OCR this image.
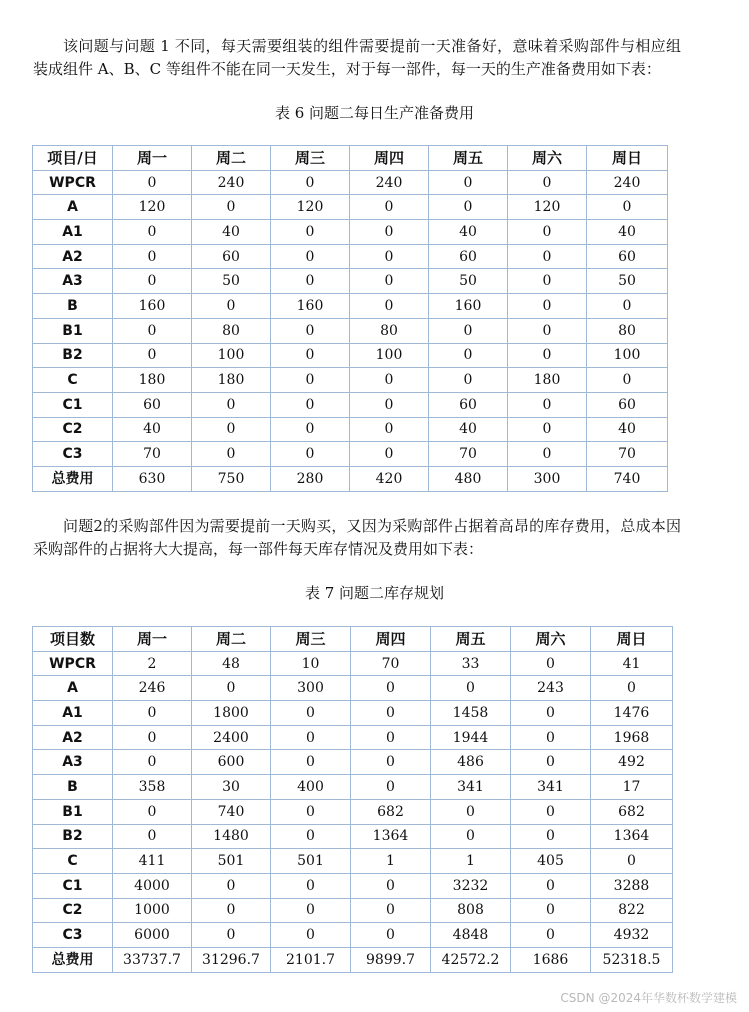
该问题与问题 1 不同，每天需要组装的组件需要提前一天准备好，意味着采购部件与相应组装成组件 A、B、C 等组件不能在同一天发生，对于每一部件，每一天的生产准备费用如下表：

表 6 问题二每日生产准备费用

项目/日	周一	周二	周三	周四	周五	周六	周日
WPCR	0	240	0	240	0	0	240
A	120	0	120	0	0	120	0
A1	0	40	0	0	40	0	40
A2	0	60	0	0	60	0	60
A3	0	50	0	0	50	0	50
B	160	0	160	0	160	0	0
B1	0	80	0	80	0	0	80
B2	0	100	0	100	0	0	100
C	180	180	0	0	0	180	0
C1	60	0	0	0	60	0	60
C2	40	0	0	0	40	0	40
C3	70	0	0	0	70	0	70
总费用	630	750	280	420	480	300	740

问题2的采购部件因为需要提前一天购买，又因为采购部件占据着高昂的库存费用，总成本因采购部件的占据将大大提高，每一部件每天库存情况及费用如下表：

表 7 问题二库存规划

项目数	周一	周二	周三	周四	周五	周六	周日
WPCR	2	48	10	70	33	0	41
A	246	0	300	0	0	243	0
A1	0	1800	0	0	1458	0	1476
A2	0	2400	0	0	1944	0	1968
A3	0	600	0	0	486	0	492
B	358	30	400	0	341	341	17
B1	0	740	0	682	0	0	682
B2	0	1480	0	1364	0	0	1364
C	411	501	501	1	1	405	0
C1	4000	0	0	0	3232	0	3288
C2	1000	0	0	0	808	0	822
C3	6000	0	0	0	4848	0	4932
总费用	33737.7	31296.7	2101.7	9899.7	42572.2	1686	52318.5
CSDN @2024年华数杯数学建模
